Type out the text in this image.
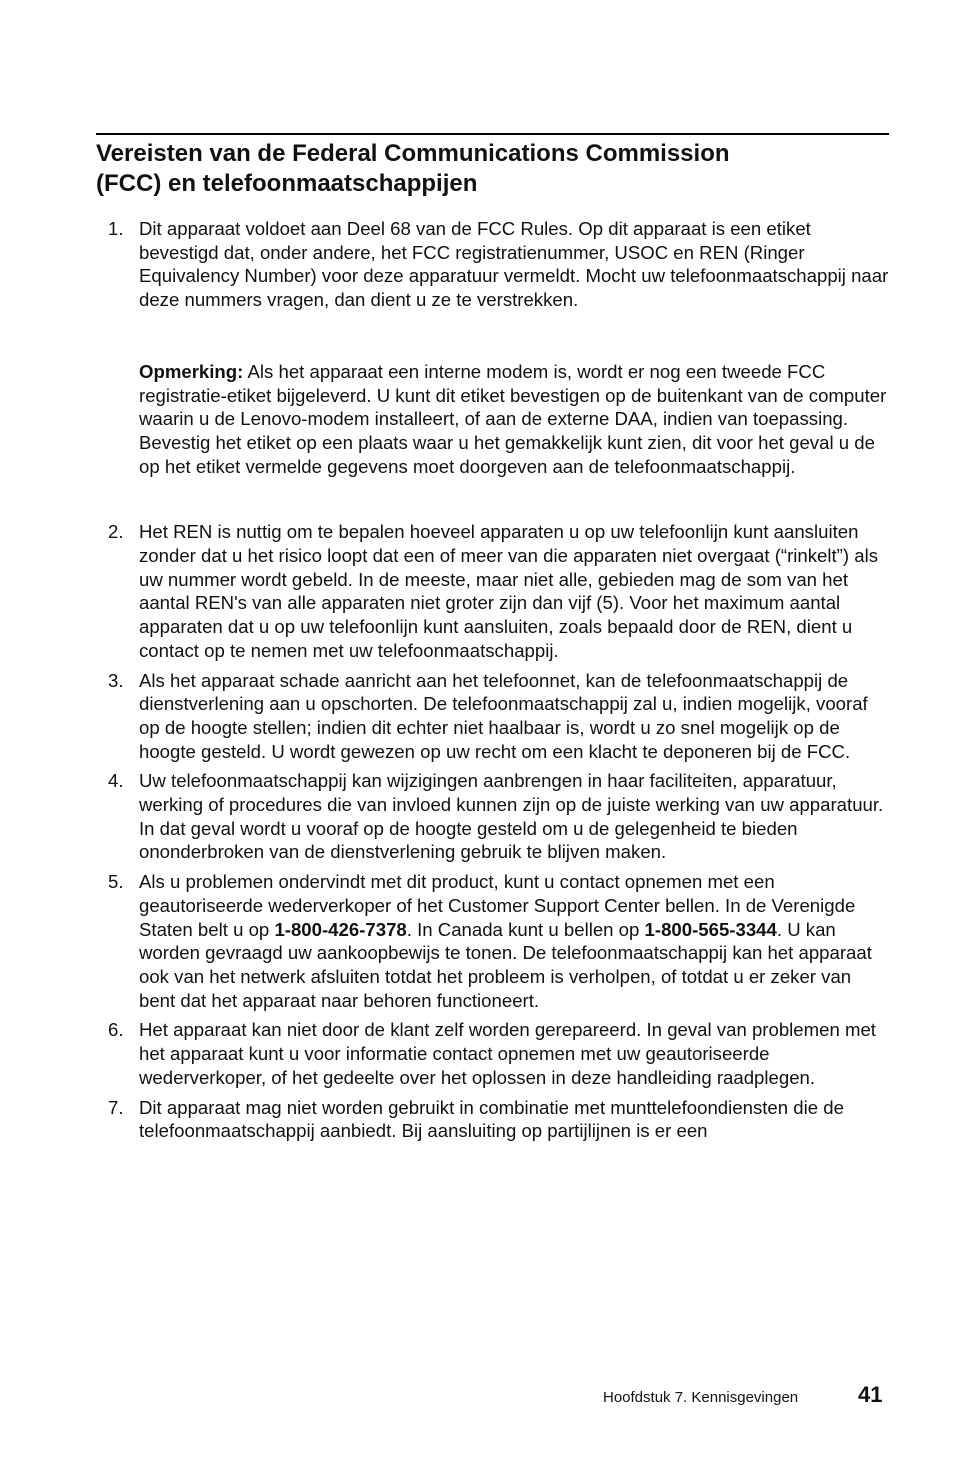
Vereisten van de Federal Communications Commission
(FCC) en telefoonmaatschappijen
1. Dit apparaat voldoet aan Deel 68 van de FCC Rules. Op dit apparaat is een etiket bevestigd dat, onder andere, het FCC registratienummer, USOC en REN (Ringer Equivalency Number) voor deze apparatuur vermeldt. Mocht uw telefoonmaatschappij naar deze nummers vragen, dan dient u ze te verstrekken.
Opmerking: Als het apparaat een interne modem is, wordt er nog een tweede FCC registratie-etiket bijgeleverd. U kunt dit etiket bevestigen op de buitenkant van de computer waarin u de Lenovo-modem installeert, of aan de externe DAA, indien van toepassing. Bevestig het etiket op een plaats waar u het gemakkelijk kunt zien, dit voor het geval u de op het etiket vermelde gegevens moet doorgeven aan de telefoonmaatschappij.
2. Het REN is nuttig om te bepalen hoeveel apparaten u op uw telefoonlijn kunt aansluiten zonder dat u het risico loopt dat een of meer van die apparaten niet overgaat (“rinkelt”) als uw nummer wordt gebeld. In de meeste, maar niet alle, gebieden mag de som van het aantal REN's van alle apparaten niet groter zijn dan vijf (5). Voor het maximum aantal apparaten dat u op uw telefoonlijn kunt aansluiten, zoals bepaald door de REN, dient u contact op te nemen met uw telefoonmaatschappij.
3. Als het apparaat schade aanricht aan het telefoonnet, kan de telefoonmaatschappij de dienstverlening aan u opschorten. De telefoonmaatschappij zal u, indien mogelijk, vooraf op de hoogte stellen; indien dit echter niet haalbaar is, wordt u zo snel mogelijk op de hoogte gesteld. U wordt gewezen op uw recht om een klacht te deponeren bij de FCC.
4. Uw telefoonmaatschappij kan wijzigingen aanbrengen in haar faciliteiten, apparatuur, werking of procedures die van invloed kunnen zijn op de juiste werking van uw apparatuur. In dat geval wordt u vooraf op de hoogte gesteld om u de gelegenheid te bieden ononderbroken van de dienstverlening gebruik te blijven maken.
5. Als u problemen ondervindt met dit product, kunt u contact opnemen met een geautoriseerde wederverkoper of het Customer Support Center bellen. In de Verenigde Staten belt u op 1-800-426-7378. In Canada kunt u bellen op 1-800-565-3344. U kan worden gevraagd uw aankoopbewijs te tonen. De telefoonmaatschappij kan het apparaat ook van het netwerk afsluiten totdat het probleem is verholpen, of totdat u er zeker van bent dat het apparaat naar behoren functioneert.
6. Het apparaat kan niet door de klant zelf worden gerepareerd. In geval van problemen met het apparaat kunt u voor informatie contact opnemen met uw geautoriseerde wederverkoper, of het gedeelte over het oplossen in deze handleiding raadplegen.
7. Dit apparaat mag niet worden gebruikt in combinatie met munttelefoondiensten die de telefoonmaatschappij aanbiedt. Bij aansluiting op partijlijnen is er een
Hoofdstuk 7. Kennisgevingen	41
